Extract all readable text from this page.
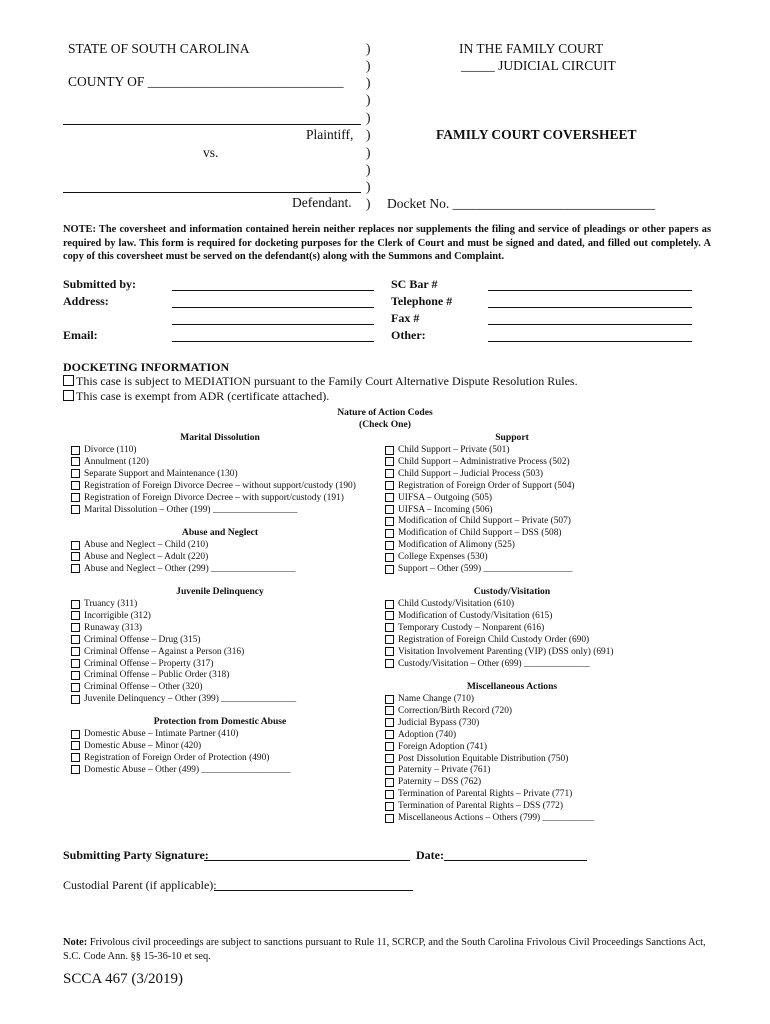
STATE OF SOUTH CAROLINA
COUNTY OF _____________________________
Plaintiff,
vs.
Defendant.
)
)
)
)
)
)
)
)
)
)
IN THE FAMILY COURT
_____ JUDICIAL CIRCUIT
FAMILY COURT COVERSHEET
Docket No. ______________________________
NOTE: The coversheet and information contained herein neither replaces nor supplements the filing and service of pleadings or other papers as required by law. This form is required for docketing purposes for the Clerk of Court and must be signed and dated, and filled out completely. A copy of this coversheet must be served on the defendant(s) along with the Summons and Complaint.
Submitted by:
Address:
Email:
SC Bar #
Telephone #
Fax #
Other:
DOCKETING INFORMATION
This case is subject to MEDIATION pursuant to the Family Court Alternative Dispute Resolution Rules.
This case is exempt from ADR (certificate attached).
Nature of Action Codes
(Check One)
Marital Dissolution
Abuse and Neglect
Juvenile Delinquency
Protection from Domestic Abuse
Support
Custody/Visitation
Miscellaneous Actions
Divorce (110)
Annulment (120)
Separate Support and Maintenance (130)
Registration of Foreign Divorce Decree – without support/custody (190)
Registration of Foreign Divorce Decree – with support/custody (191)
Marital Dissolution – Other (199) __________________
Abuse and Neglect – Child (210)
Abuse and Neglect – Adult (220)
Abuse and Neglect – Other (299) __________________
Truancy (311)
Incorrigible (312)
Runaway (313)
Criminal Offense – Drug (315)
Criminal Offense – Against a Person (316)
Criminal Offense – Property (317)
Criminal Offense – Public Order (318)
Criminal Offense – Other (320)
Juvenile Delinquency – Other (399) ________________
Domestic Abuse – Intimate Partner (410)
Domestic Abuse – Minor (420)
Registration of Foreign Order of Protection (490)
Domestic Abuse – Other (499) ___________________
Child Support – Private (501)
Child Support – Administrative Process (502)
Child Support – Judicial Process (503)
Registration of Foreign Order of Support (504)
UIFSA – Outgoing (505)
UIFSA – Incoming (506)
Modification of Child Support – Private (507)
Modification of Child Support – DSS (508)
Modification of Alimony (525)
College Expenses (530)
Support – Other (599) ___________________
Child Custody/Visitation (610)
Modification of Custody/Visitation (615)
Temporary Custody – Nonparent (616)
Registration of Foreign Child Custody Order (690)
Visitation Involvement Parenting (VIP) (DSS only) (691)
Custody/Visitation – Other (699) ______________
Name Change (710)
Correction/Birth Record (720)
Judicial Bypass (730)
Adoption (740)
Foreign Adoption (741)
Post Dissolution Equitable Distribution (750)
Paternity – Private (761)
Paternity – DSS (762)
Termination of Parental Rights – Private (771)
Termination of Parental Rights – DSS (772)
Miscellaneous Actions – Others (799) ___________
Submitting Party Signature:	Date:
Custodial Parent (if applicable):
Note: Frivolous civil proceedings are subject to sanctions pursuant to Rule 11, SCRCP, and the South Carolina Frivolous Civil Proceedings Sanctions Act, S.C. Code Ann. §§ 15-36-10 et seq.
SCCA 467 (3/2019)
